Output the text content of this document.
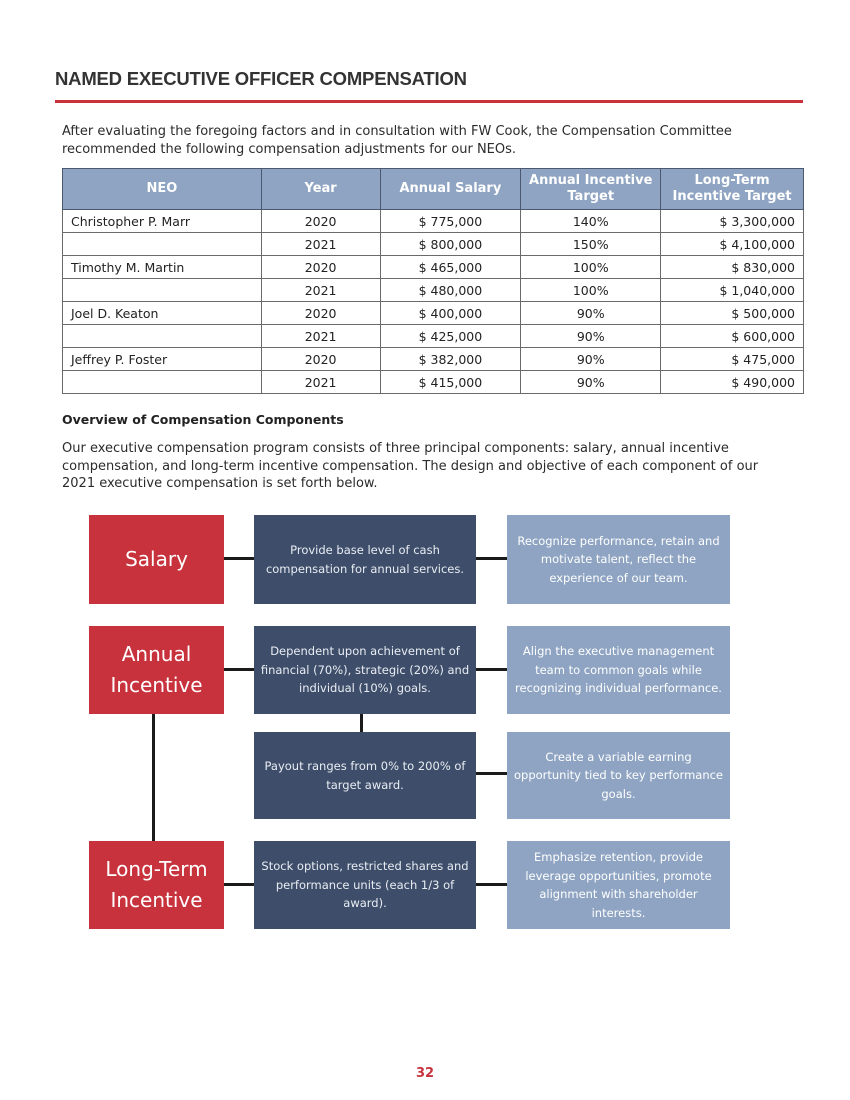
NAMED EXECUTIVE OFFICER COMPENSATION
After evaluating the foregoing factors and in consultation with FW Cook, the Compensation Committee recommended the following compensation adjustments for our NEOs.
NEO	Year	Annual Salary	Annual Incentive Target	Long-Term Incentive Target
Christopher P. Marr	2020	$ 775,000	140%	$ 3,300,000
	2021	$ 800,000	150%	$ 4,100,000
Timothy M. Martin	2020	$ 465,000	100%	$ 830,000
	2021	$ 480,000	100%	$ 1,040,000
Joel D. Keaton	2020	$ 400,000	90%	$ 500,000
	2021	$ 425,000	90%	$ 600,000
Jeffrey P. Foster	2020	$ 382,000	90%	$ 475,000
	2021	$ 415,000	90%	$ 490,000
Overview of Compensation Components
Our executive compensation program consists of three principal components: salary, annual incentive compensation, and long-term incentive compensation. The design and objective of each component of our 2021 executive compensation is set forth below.
Salary	Provide base level of cash compensation for annual services.
Recognize performance, retain and motivate talent, reflect the experience of our team.
Annual
Incentive
Dependent upon achievement of financial (70%), strategic (20%) and individual (10%) goals.
Align the executive management team to common goals while recognizing individual performance.
Payout ranges from 0% to 200% of target award.
Create a variable earning opportunity tied to key performance goals.
Long-Term
Incentive
Stock options, restricted shares and performance units (each 1/3 of award).
Emphasize retention, provide leverage opportunities, promote alignment with shareholder interests.
32
